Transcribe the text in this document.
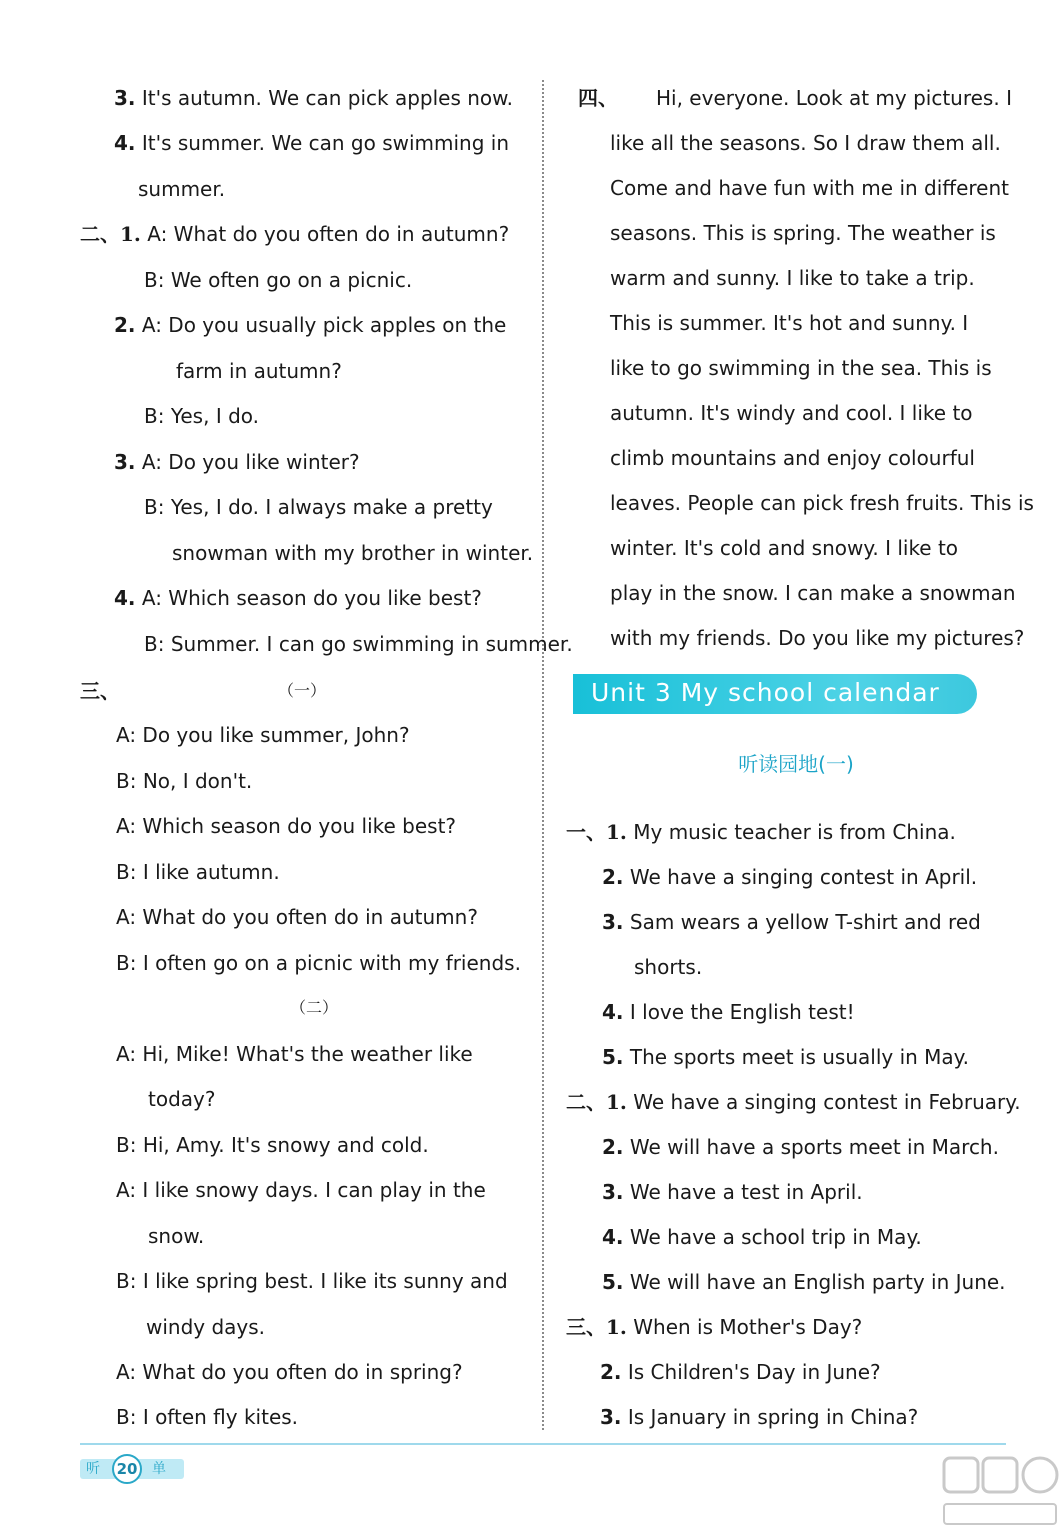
3. It's autumn. We can pick apples now.
4. It's summer. We can go swimming in
summer.
二、1. A: What do you often do in autumn?
B: We often go on a picnic.
2. A: Do you usually pick apples on the
farm in autumn?
B: Yes, I do.
3. A: Do you like winter?
B: Yes, I do. I always make a pretty
snowman with my brother in winter.
4. A: Which season do you like best?
B: Summer. I can go swimming in summer.
三、	（一）
A: Do you like summer, John?
B: No, I don't.
A: Which season do you like best?
B: I like autumn.
A: What do you often do in autumn?
B: I often go on a picnic with my friends.
（二）
A: Hi, Mike! What's the weather like
today?
B: Hi, Amy. It's snowy and cold.
A: I like snowy days. I can play in the
snow.
B: I like spring best. I like its sunny and
windy days.
A: What do you often do in spring?
B: I often fly kites.
四、 Hi, everyone. Look at my pictures. I
like all the seasons. So I draw them all.
Come and have fun with me in different
seasons. This is spring. The weather is
warm and sunny. I like to take a trip.
This is summer. It's hot and sunny. I
like to go swimming in the sea. This is
autumn. It's windy and cool. I like to
climb mountains and enjoy colourful
leaves. People can pick fresh fruits. This is
winter. It's cold and snowy. I like to
play in the snow. I can make a snowman
with my friends. Do you like my pictures?
一、1. My music teacher is from China.
2. We have a singing contest in April.
3. Sam wears a yellow T-shirt and red
shorts.
4. I love the English test!
5. The sports meet is usually in May.
二、1. We have a singing contest in February.
2. We will have a sports meet in March.
3. We have a test in April.
4. We have a school trip in May.
5. We will have an English party in June.
三、1. When is Mother's Day?
2. Is Children's Day in June?
3. Is January in spring in China?
Unit 3 My school calendar
听读园地(一)
听	单
20
